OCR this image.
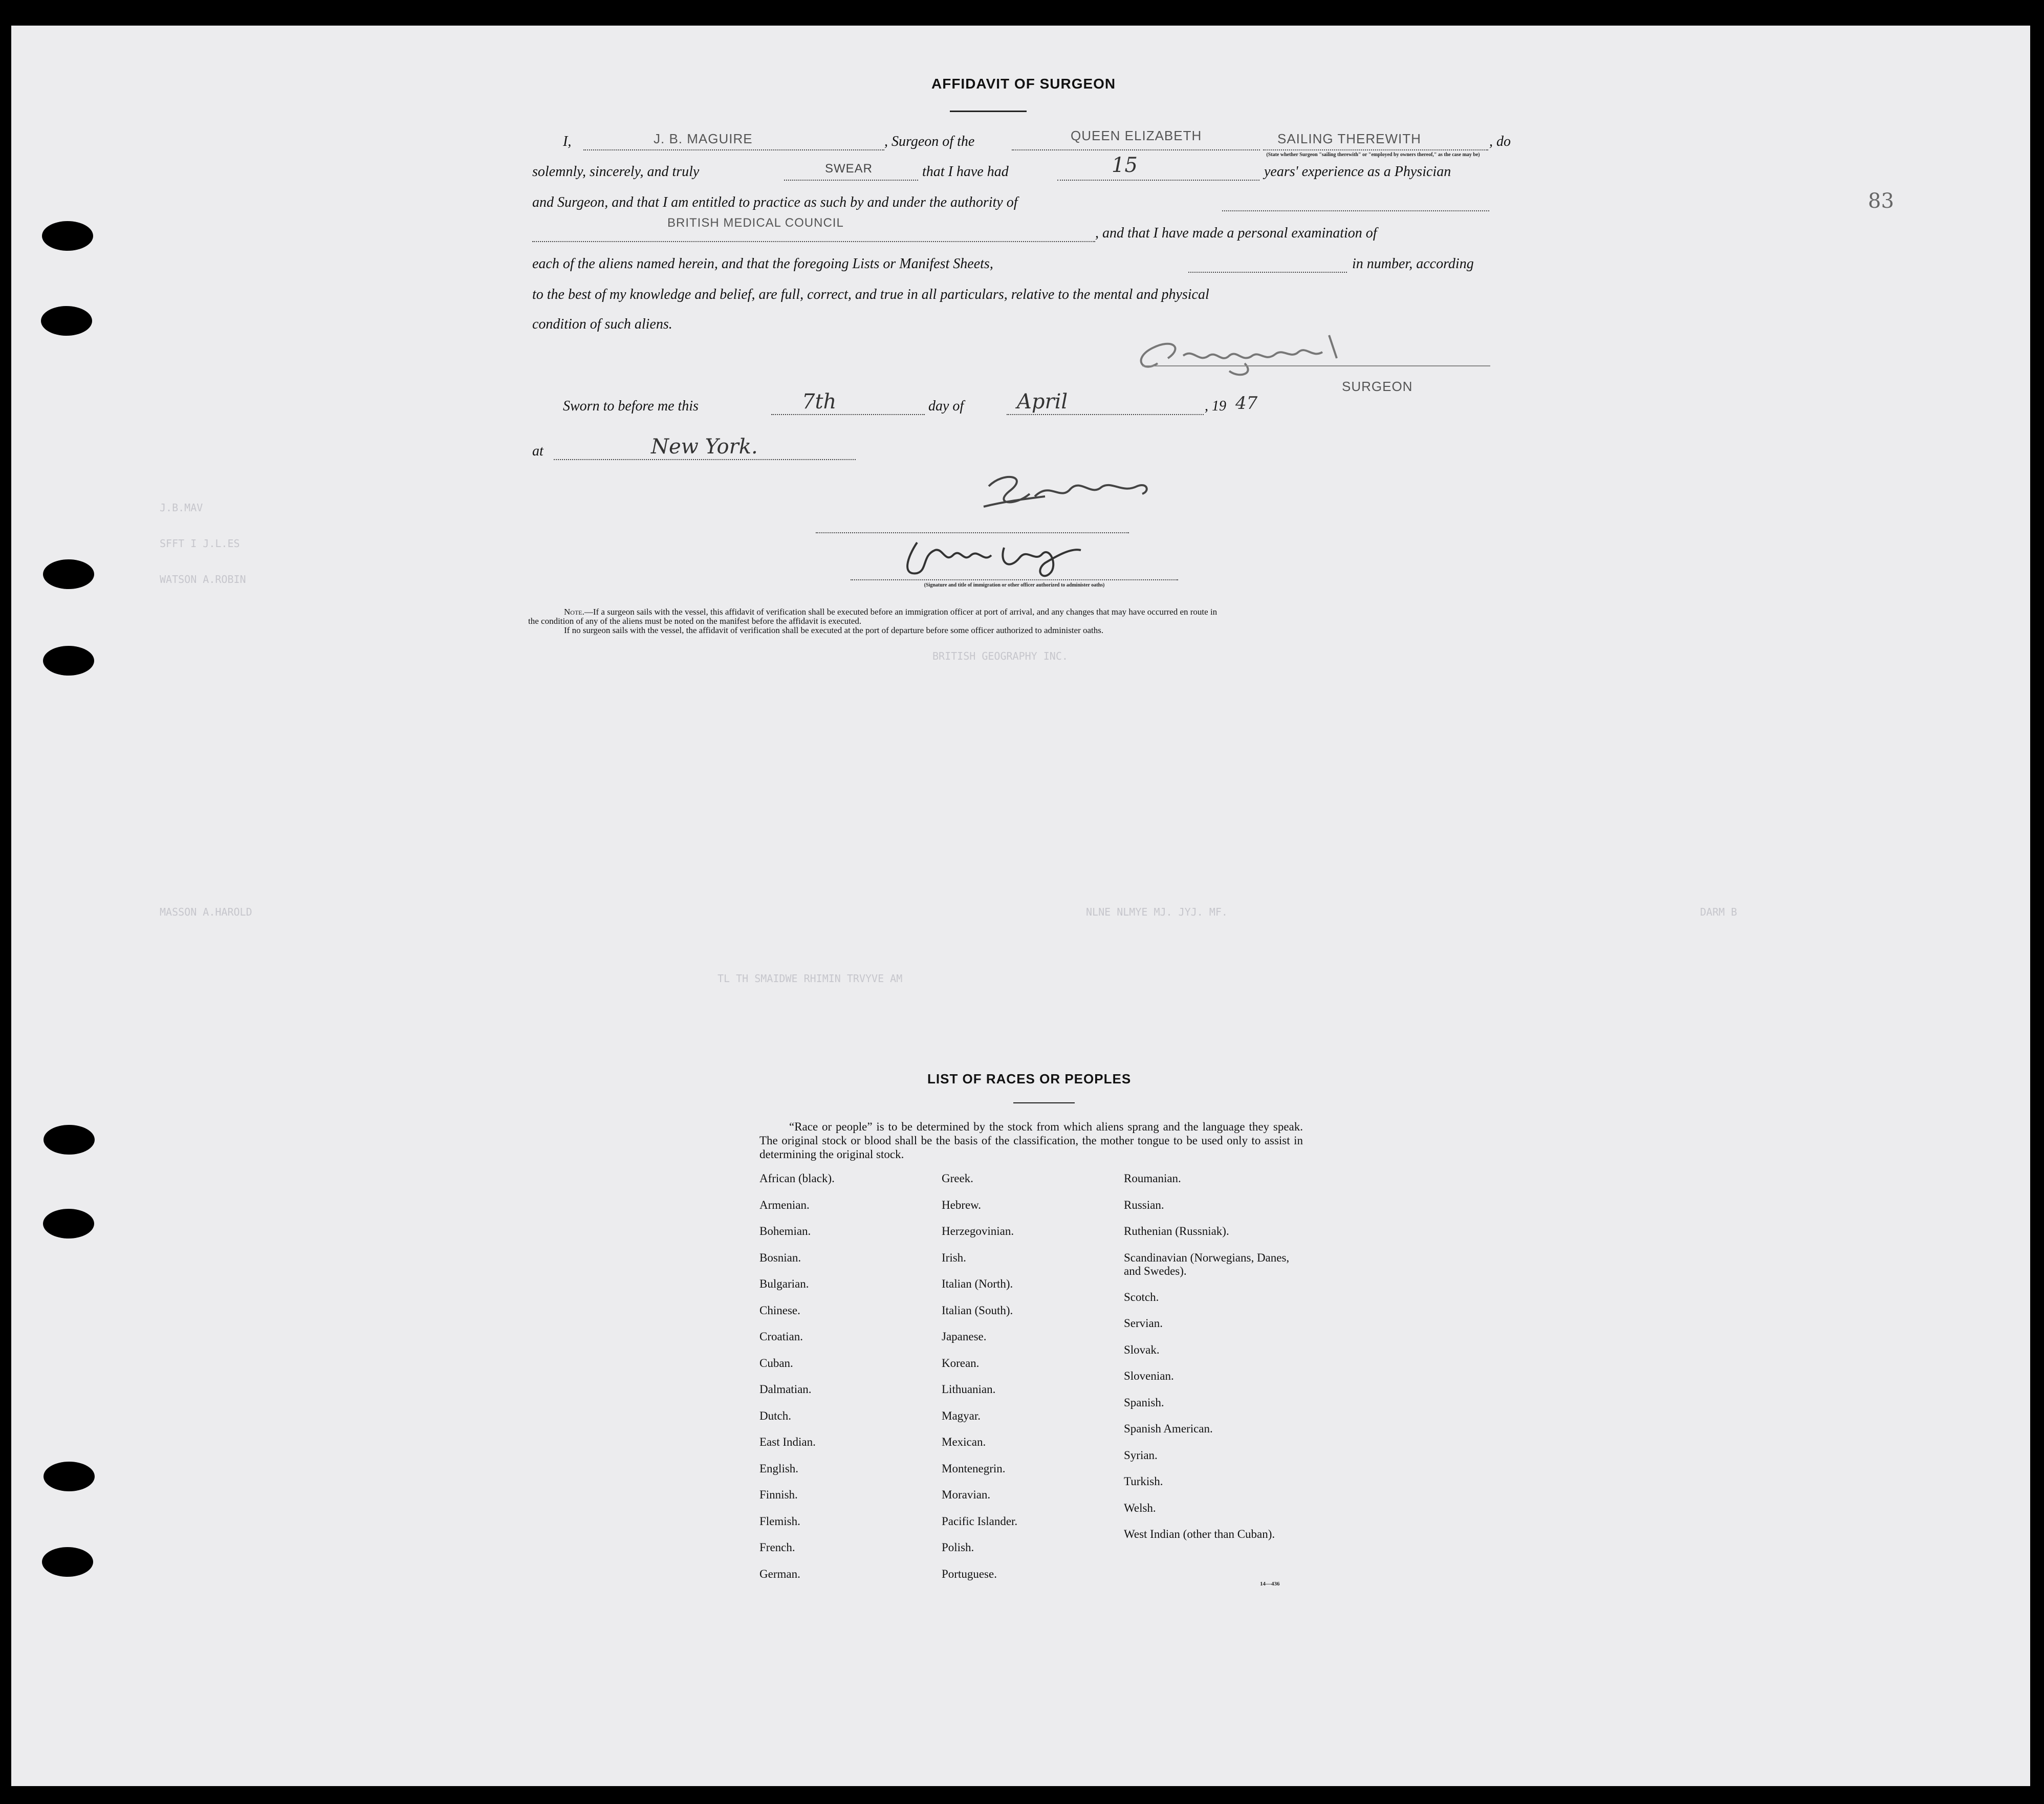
J.B.MAV
SFFT I J.L.ES
WATSON A.ROBIN
MASSON A.HAROLD
TL TH SMAIDWE RHIMIN TRVYVE AM
BRITISH GEOGRAPHY INC.
NLNE NLMYE MJ. JYJ. MF.	DARM B
83
AFFIDAVIT OF SURGEON
I,	J. B. MAGUIRE	, Surgeon of the	QUEEN ELIZABETH	SAILING THEREWITH	, do
(State whether Surgeon "sailing therewith" or "employed by owners thereof," as the case may be)
solemnly, sincerely, and truly	SWEAR	that I have had	15	years' experience as a Physician
and Surgeon, and that I am entitled to practice as such by and under the authority of
BRITISH MEDICAL COUNCIL
, and that I have made a personal examination of
each of the aliens named herein, and that the foregoing Lists or Manifest Sheets,	in number, according
to the best of my knowledge and belief, are full, correct, and true in all particulars, relative to the mental and physical
condition of such aliens.
SURGEON
Sworn to before me this	7th	day of	April	, 19 47
at	New York.
(Signature and title of immigration or other officer authorized to administer oaths)
Note.—If a surgeon sails with the vessel, this affidavit of verification shall be executed before an immigration officer at port of arrival, and any changes that may have occurred en route in
the condition of any of the aliens must be noted on the manifest before the affidavit is executed.
If no surgeon sails with the vessel, the affidavit of verification shall be executed at the port of departure before some officer authorized to administer oaths.
LIST OF RACES OR PEOPLES
“Race or people” is to be determined by the stock from which aliens sprang and the language they speak. The original stock or blood shall be the basis of the classification, the mother tongue to be used only to assist in determining the original stock.
African (black).
Armenian.
Bohemian.
Bosnian.
Bulgarian.
Chinese.
Croatian.
Cuban.
Dalmatian.
Dutch.
East Indian.
English.
Finnish.
Flemish.
French.
German.
Greek.
Hebrew.
Herzegovinian.
Irish.
Italian (North).
Italian (South).
Japanese.
Korean.
Lithuanian.
Magyar.
Mexican.
Montenegrin.
Moravian.
Pacific Islander.
Polish.
Portuguese.
Roumanian.
Russian.
Ruthenian (Russniak).
Scandinavian (Norwegians, Danes, and Swedes).
Scotch.
Servian.
Slovak.
Slovenian.
Spanish.
Spanish American.
Syrian.
Turkish.
Welsh.
West Indian (other than Cuban).
14—436
